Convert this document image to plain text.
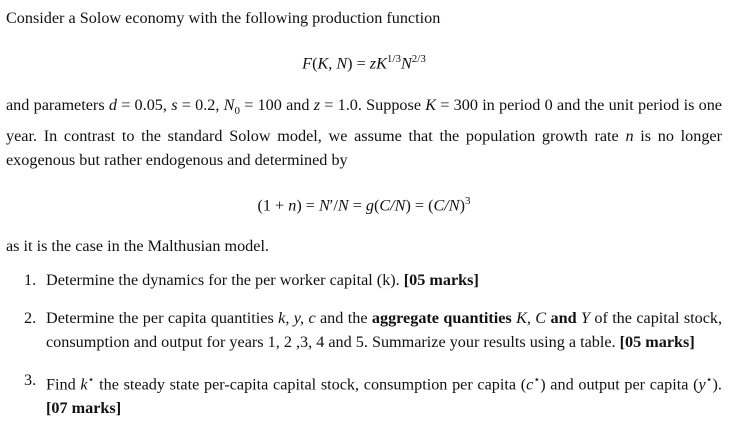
Consider a Solow economy with the following production function

F(K, $N) = zK^{1/3}N^{2/3}$

and parameters d = 0.05, s = 0.2, $N_0 = 100$ and z = 1.0. Suppose K = 300 in period 0 and the unit period is one year. In contrast to the standard Solow model, we assume that the population growth rate n is no longer exogenous but rather endogenous and determined by

$(1 + n) = N'/N = g(C/N) = (C/N)^3$

as it is the case in the Malthusian model.

1. Determine the dynamics for the per worker capital (k). [05 marks]
2. Determine the per capita quantities k, y, c and the aggregate quantities K, C and Y of the capital stock, consumption and output for years 1, 2 ,3, 4 and 5. Summarize your results using a table. [05 marks]
3. Find k⋆ the steady state per-capita capital stock, consumption per capita (c⋆) and output per capita (y⋆). [07 marks]
